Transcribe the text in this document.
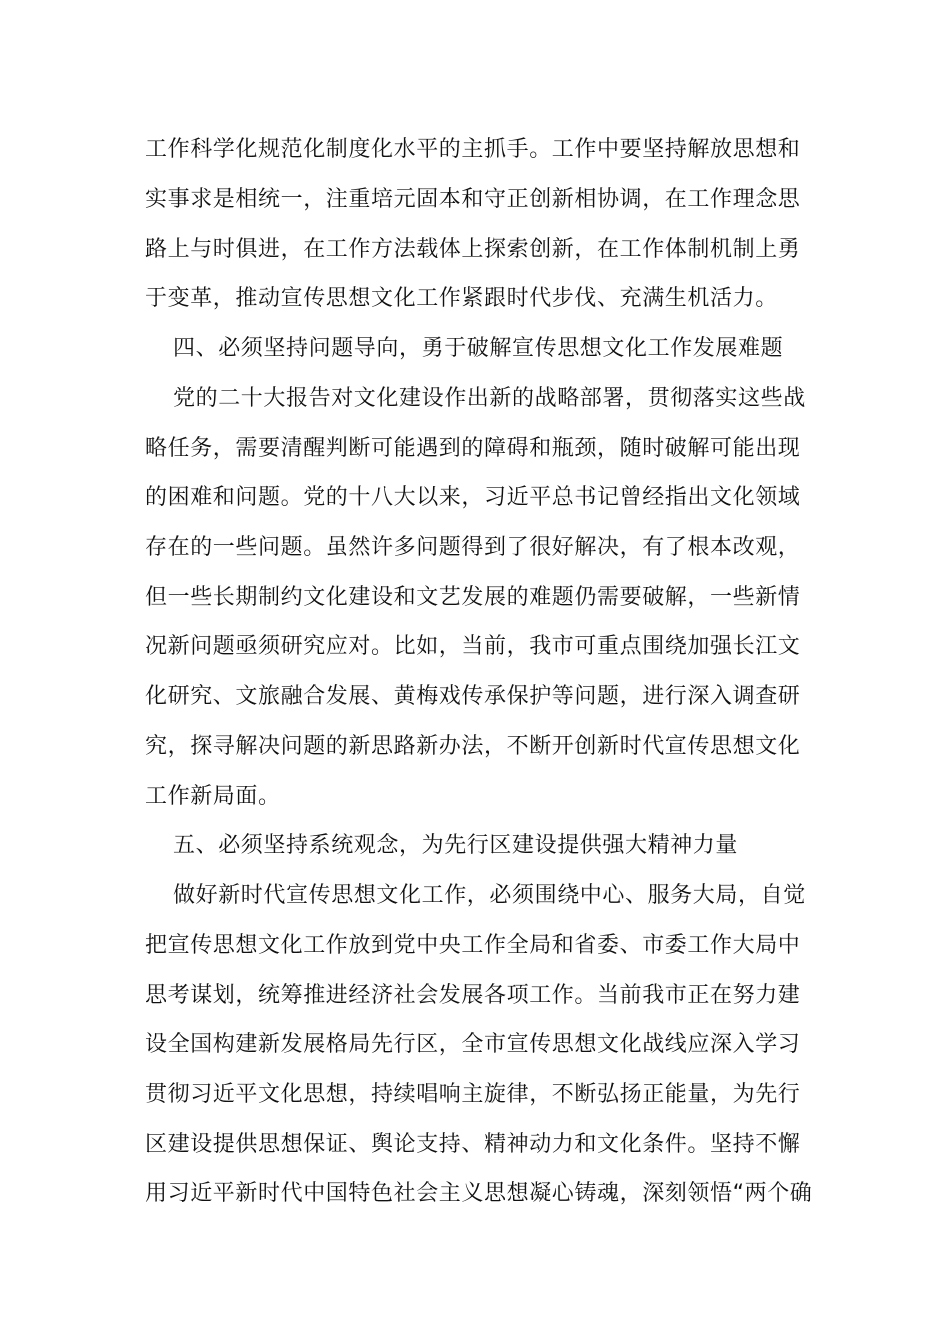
工作科学化规范化制度化水平的主抓手。工作中要坚持解放思想和
实事求是相统一，注重培元固本和守正创新相协调，在工作理念思
路上与时俱进，在工作方法载体上探索创新，在工作体制机制上勇
于变革，推动宣传思想文化工作紧跟时代步伐、充满生机活力。
四、必须坚持问题导向，勇于破解宣传思想文化工作发展难题
党的二十大报告对文化建设作出新的战略部署，贯彻落实这些战
略任务，需要清醒判断可能遇到的障碍和瓶颈，随时破解可能出现
的困难和问题。党的十八大以来，习近平总书记曾经指出文化领域
存在的一些问题。虽然许多问题得到了很好解决，有了根本改观，
但一些长期制约文化建设和文艺发展的难题仍需要破解，一些新情
况新问题亟须研究应对。比如，当前，我市可重点围绕加强长江文
化研究、文旅融合发展、黄梅戏传承保护等问题，进行深入调查研
究，探寻解决问题的新思路新办法，不断开创新时代宣传思想文化
工作新局面。
五、必须坚持系统观念，为先行区建设提供强大精神力量
做好新时代宣传思想文化工作，必须围绕中心、服务大局，自觉
把宣传思想文化工作放到党中央工作全局和省委、市委工作大局中
思考谋划，统筹推进经济社会发展各项工作。当前我市正在努力建
设全国构建新发展格局先行区，全市宣传思想文化战线应深入学习
贯彻习近平文化思想，持续唱响主旋律，不断弘扬正能量，为先行
区建设提供思想保证、舆论支持、精神动力和文化条件。坚持不懈
用习近平新时代中国特色社会主义思想凝心铸魂，深刻领悟“两个确
